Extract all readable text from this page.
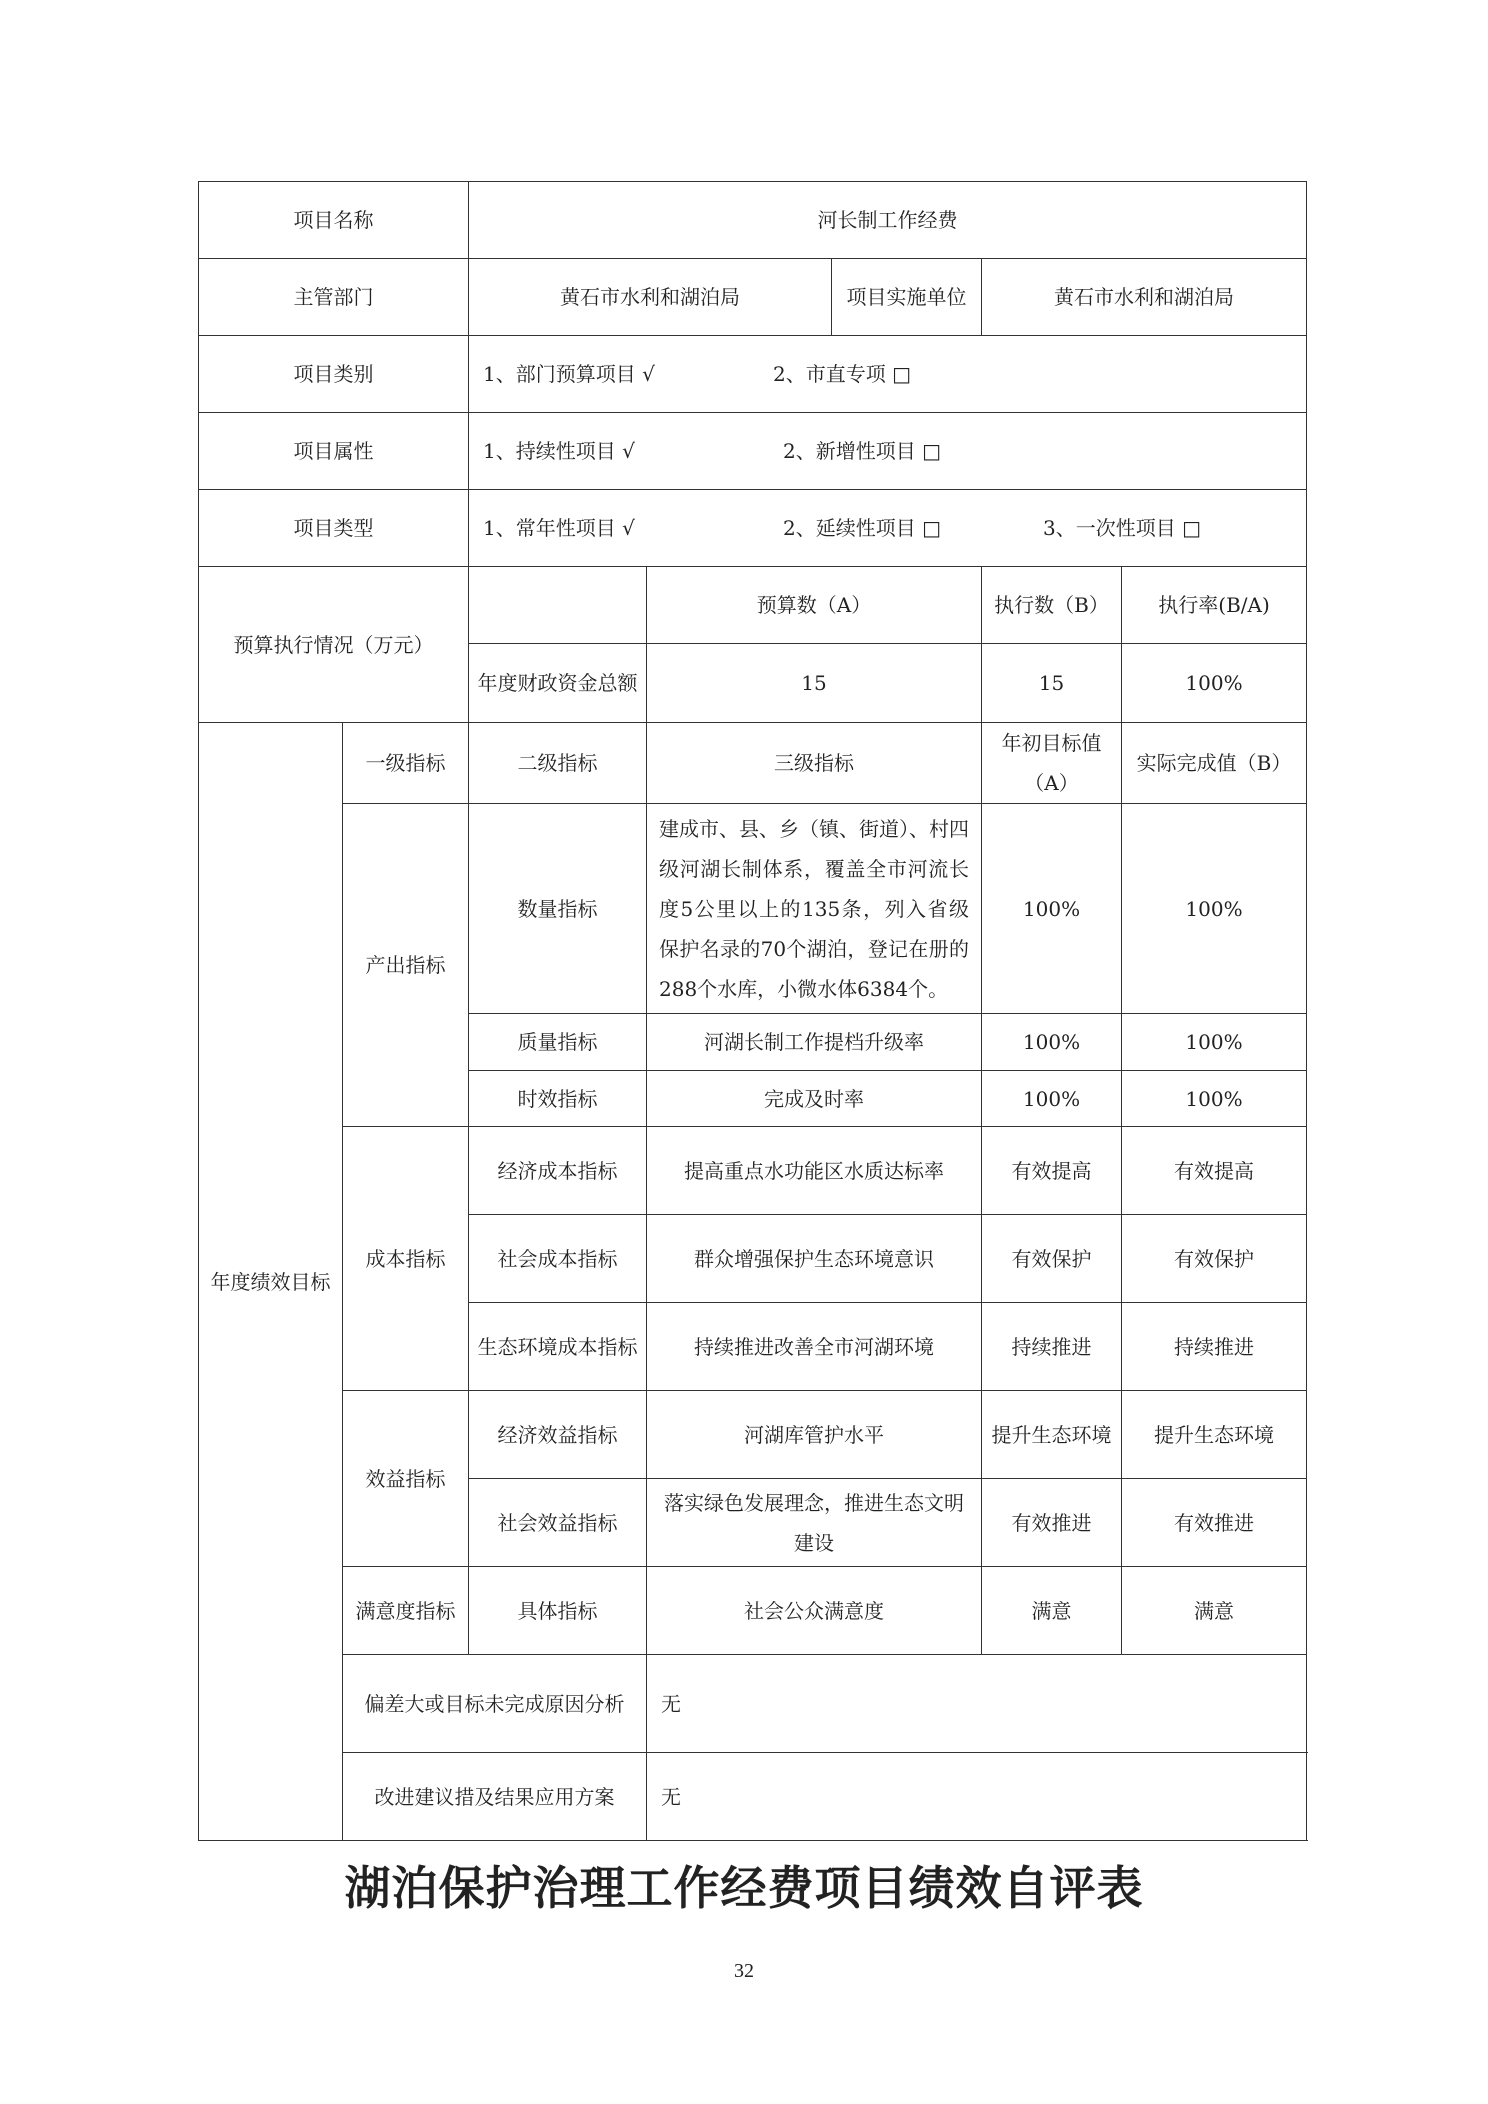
项目名称		河长制工作经费				
主管部门		黄石市水利和湖泊局		项目实施单位	黄石市水利和湖泊局	
项目类别		1、部门预算项目 √ 2、市直专项 □				
项目属性		1、持续性项目 √ 2、新增性项目 □				
项目类型		1、常年性项目 √ 2、延续性项目 □ 3、一次性项目 □				
预算执行情况（万元）			预算数（A）		执行数（B）	执行率(B/A)
		年度财政资金总额	15		15	100%
年度绩效目标	一级指标	二级指标	三级指标		年初目标值（A）	实际完成值（B）
	产出指标	数量指标	建成市、县、乡（镇、街道）、村四级河湖长制体系，覆盖全市河流长度5公里以上的135条，列入省级保护名录的70个湖泊，登记在册的288个水库，小微水体6384个。		100%	100%
		质量指标	河湖长制工作提档升级率		100%	100%
		时效指标	完成及时率		100%	100%
	成本指标	经济成本指标	提高重点水功能区水质达标率		有效提高	有效提高
		社会成本指标	群众增强保护生态环境意识		有效保护	有效保护
		生态环境成本指标	持续推进改善全市河湖环境		持续推进	持续推进
	效益指标	经济效益指标	河湖库管护水平		提升生态环境	提升生态环境
		社会效益指标	落实绿色发展理念，推进生态文明建设		有效推进	有效推进
	满意度指标	具体指标	社会公众满意度		满意	满意
	偏差大或目标未完成原因分析		无			
	改进建议措及结果应用方案		无			
湖泊保护治理工作经费项目绩效自评表
32
